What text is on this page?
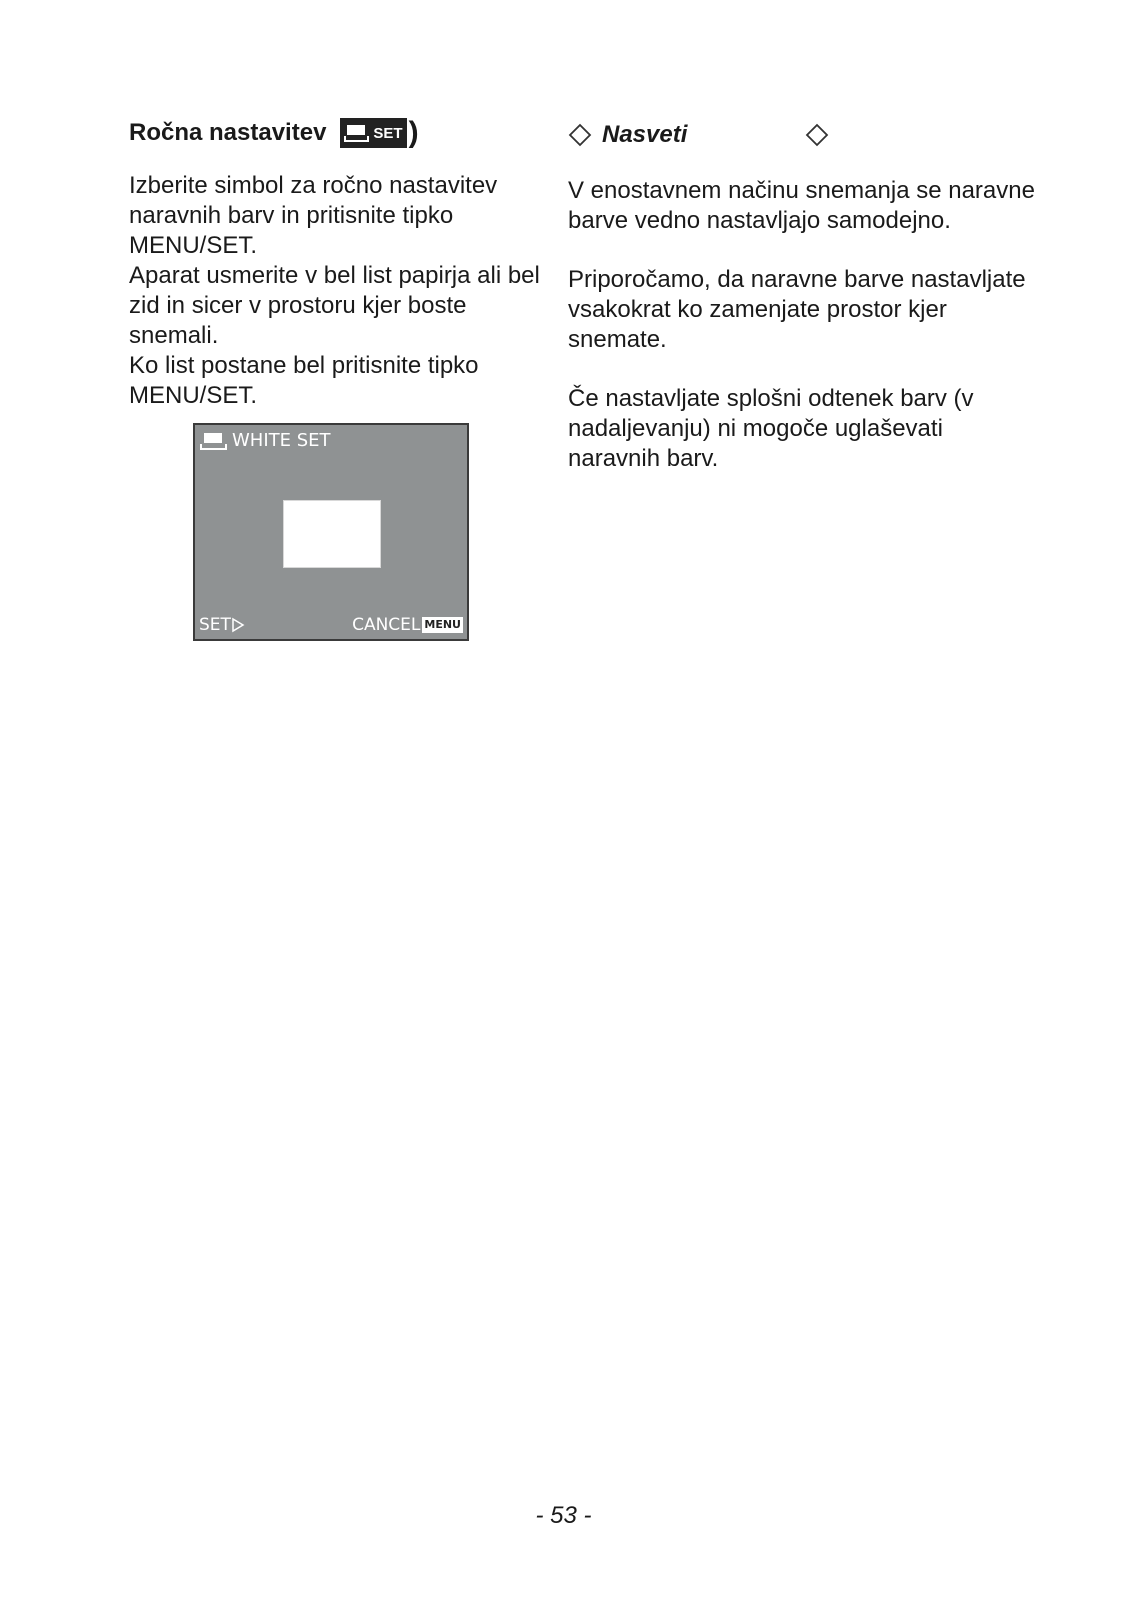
Ročna nastavitev	SET )

Izberite simbol za ročno nastavitev naravnih barv in pritisnite tipko MENU/SET.

Aparat usmerite v bel list papirja ali bel zid in sicer v prostoru kjer boste snemali.

Ko list postane bel pritisnite tipko MENU/SET.

WHITE SET
SET	CANCEL MENU
Nasveti

V enostavnem načinu snemanja se naravne barve vedno nastavljajo samodejno.

Priporočamo, da naravne barve nastavljate vsakokrat ko zamenjate prostor kjer snemate.

Če nastavljate splošni odtenek barv (v nadaljevanju) ni mogoče uglaševati naravnih barv.

- 53 -
